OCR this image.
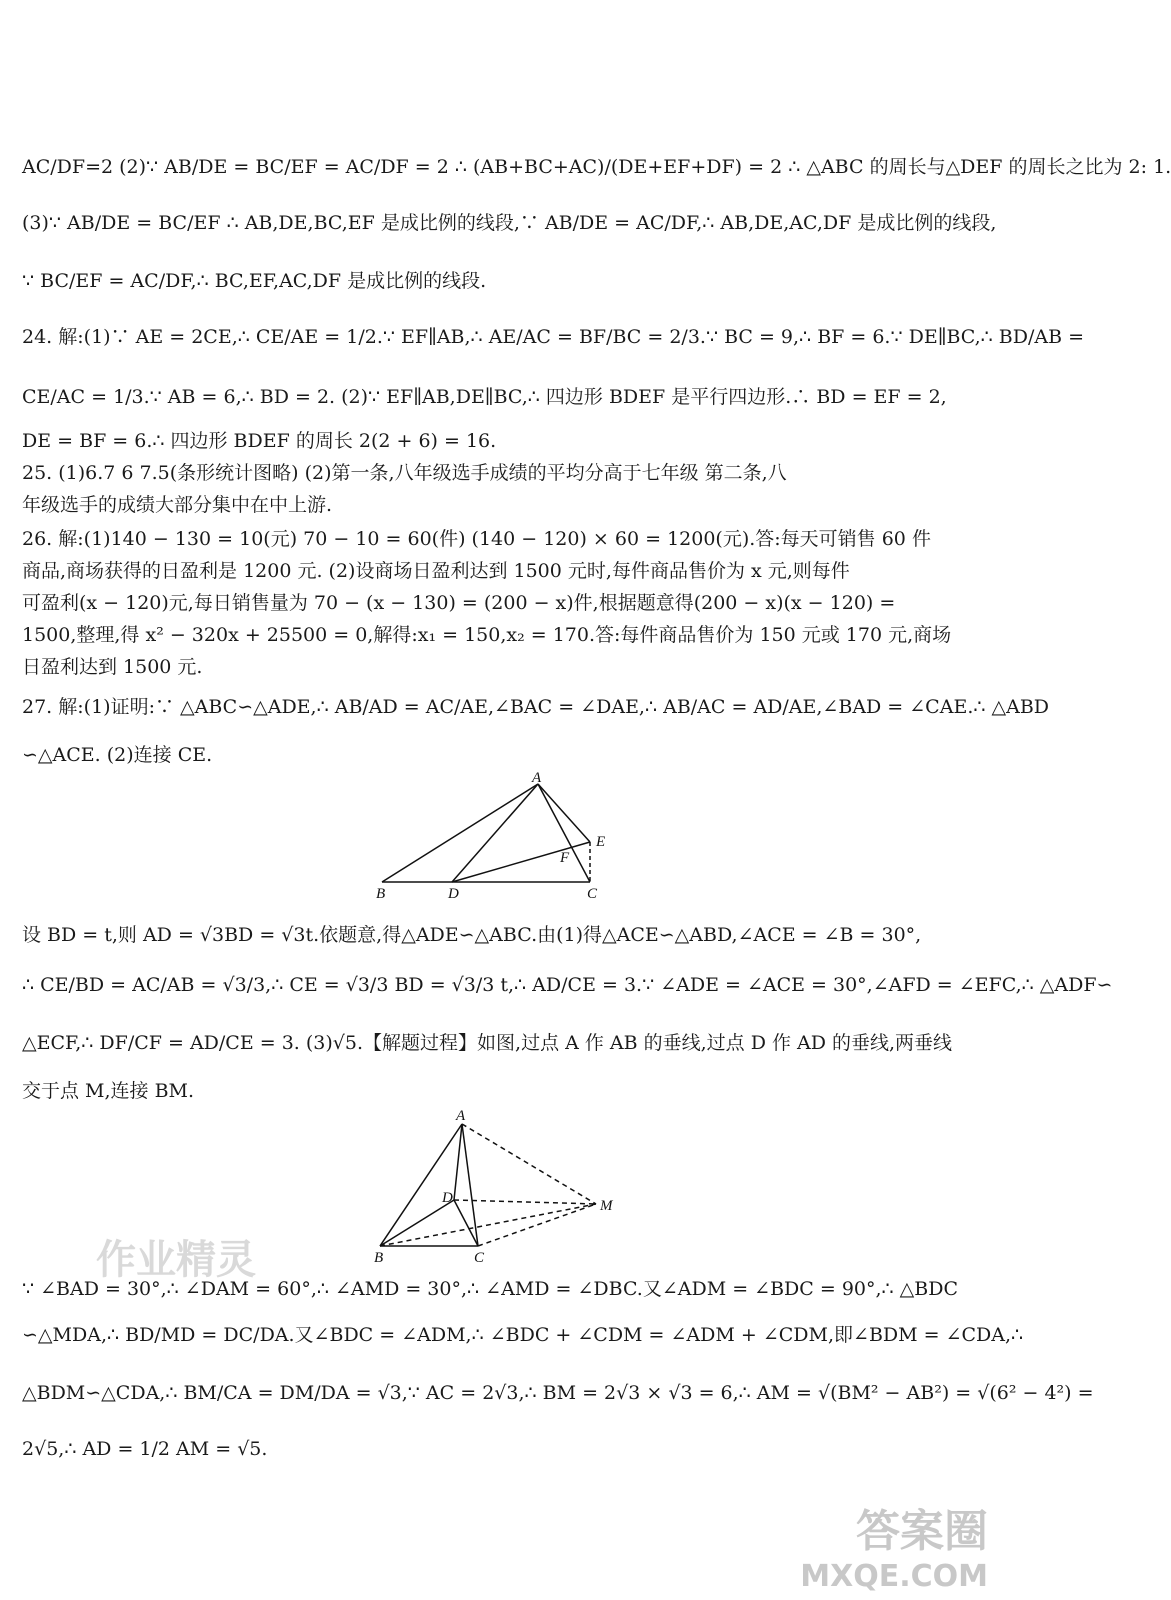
AC/DF=2 (2)∵ AB/DE = BC/EF = AC/DF = 2 ∴ (AB+BC+AC)/(DE+EF+DF) = 2 ∴ △ABC 的周长与△DEF 的周长之比为 2: 1.
(3)∵ AB/DE = BC/EF ∴ AB,DE,BC,EF 是成比例的线段,∵ AB/DE = AC/DF,∴ AB,DE,AC,DF 是成比例的线段,
∵ BC/EF = AC/DF,∴ BC,EF,AC,DF 是成比例的线段.
24. 解:(1)∵ AE = 2CE,∴ CE/AE = 1/2.∵ EF∥AB,∴ AE/AC = BF/BC = 2/3.∵ BC = 9,∴ BF = 6.∵ DE∥BC,∴ BD/AB =
CE/AC = 1/3.∵ AB = 6,∴ BD = 2. (2)∵ EF∥AB,DE∥BC,∴ 四边形 BDEF 是平行四边形.∴ BD = EF = 2,
DE = BF = 6.∴ 四边形 BDEF 的周长 2(2 + 6) = 16.
25. (1)6.7 6 7.5(条形统计图略) (2)第一条,八年级选手成绩的平均分高于七年级 第二条,八
年级选手的成绩大部分集中在中上游.
26. 解:(1)140 − 130 = 10(元) 70 − 10 = 60(件) (140 − 120) × 60 = 1200(元).答:每天可销售 60 件
商品,商场获得的日盈利是 1200 元. (2)设商场日盈利达到 1500 元时,每件商品售价为 x 元,则每件
可盈利(x − 120)元,每日销售量为 70 − (x − 130) = (200 − x)件,根据题意得(200 − x)(x − 120) =
1500,整理,得 x² − 320x + 25500 = 0,解得:x₁ = 150,x₂ = 170.答:每件商品售价为 150 元或 170 元,商场
日盈利达到 1500 元.
27. 解:(1)证明:∵ △ABC∽△ADE,∴ AB/AD = AC/AE,∠BAC = ∠DAE,∴ AB/AC = AD/AE,∠BAD = ∠CAE.∴ △ABD
∽△ACE. (2)连接 CE.
A
B	D	C
E
F
设 BD = t,则 AD = √3BD = √3t.依题意,得△ADE∽△ABC.由(1)得△ACE∽△ABD,∠ACE = ∠B = 30°,
∴ CE/BD = AC/AB = √3/3,∴ CE = √3/3 BD = √3/3 t,∴ AD/CE = 3.∵ ∠ADE = ∠ACE = 30°,∠AFD = ∠EFC,∴ △ADF∽
△ECF,∴ DF/CF = AD/CE = 3. (3)√5.【解题过程】如图,过点 A 作 AB 的垂线,过点 D 作 AD 的垂线,两垂线
交于点 M,连接 BM.
A
D	M
B	C
∵ ∠BAD = 30°,∴ ∠DAM = 60°,∴ ∠AMD = 30°,∴ ∠AMD = ∠DBC.又∠ADM = ∠BDC = 90°,∴ △BDC
∽△MDA,∴ BD/MD = DC/DA.又∠BDC = ∠ADM,∴ ∠BDC + ∠CDM = ∠ADM + ∠CDM,即∠BDM = ∠CDA,∴
△BDM∽△CDA,∴ BM/CA = DM/DA = √3,∵ AC = 2√3,∴ BM = 2√3 × √3 = 6,∴ AM = √(BM² − AB²) = √(6² − 4²) =
2√5,∴ AD = 1/2 AM = √5.
作业精灵
答案圈
MXQE.COM
